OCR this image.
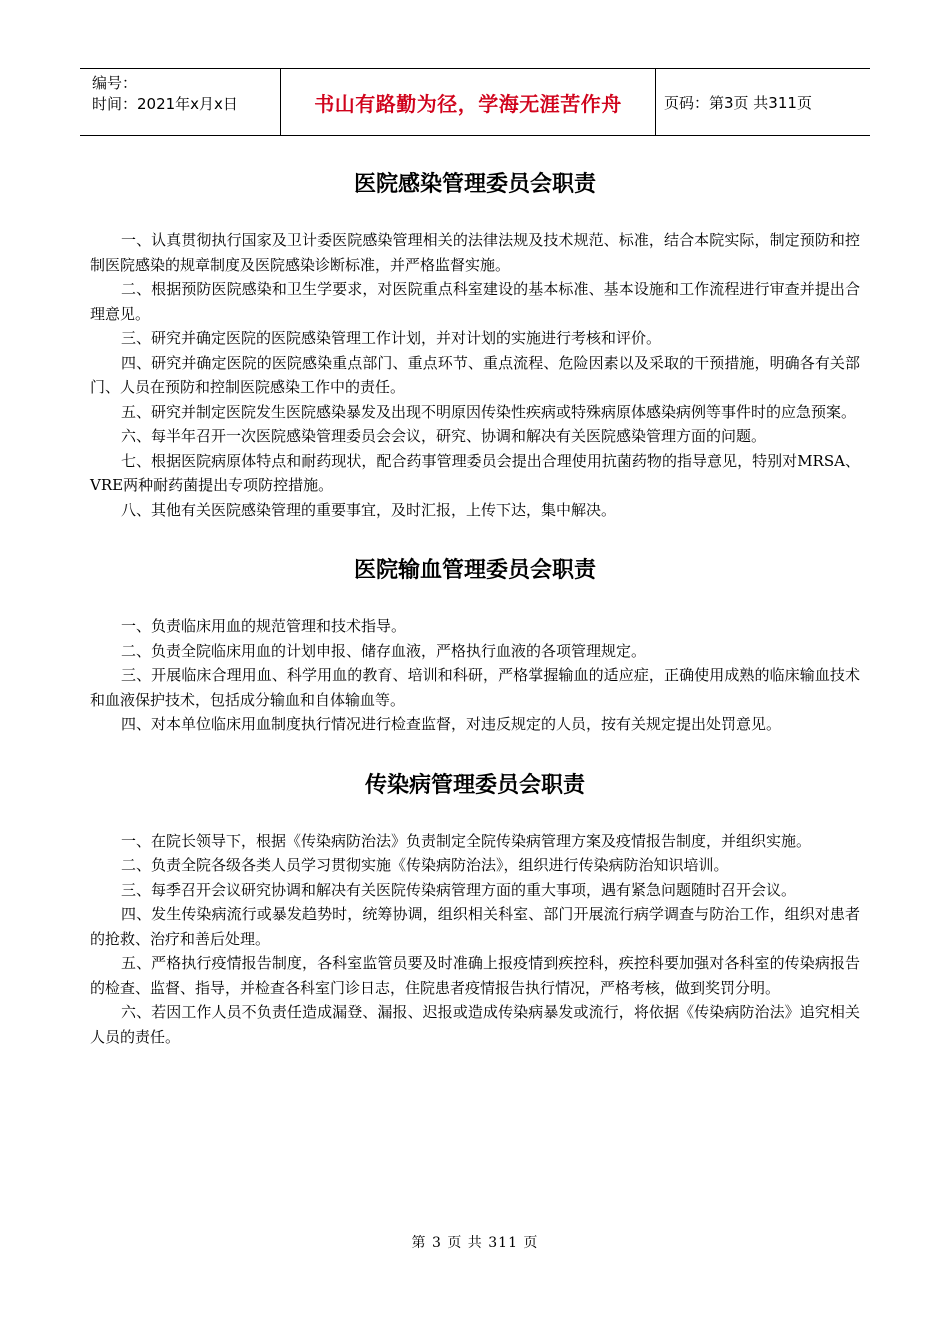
编号：
时间：2021年x月x日	书山有路勤为径，学海无涯苦作舟	页码：第3页 共311页
医院感染管理委员会职责

一、认真贯彻执行国家及卫计委医院感染管理相关的法律法规及技术规范、标准，结合本院实际，制定预防和控制医院感染的规章制度及医院感染诊断标准，并严格监督实施。

二、根据预防医院感染和卫生学要求，对医院重点科室建设的基本标准、基本设施和工作流程进行审查并提出合理意见。

三、研究并确定医院的医院感染管理工作计划，并对计划的实施进行考核和评价。

四、研究并确定医院的医院感染重点部门、重点环节、重点流程、危险因素以及采取的干预措施，明确各有关部门、人员在预防和控制医院感染工作中的责任。

五、研究并制定医院发生医院感染暴发及出现不明原因传染性疾病或特殊病原体感染病例等事件时的应急预案。

六、每半年召开一次医院感染管理委员会会议，研究、协调和解决有关医院感染管理方面的问题。

七、根据医院病原体特点和耐药现状，配合药事管理委员会提出合理使用抗菌药物的指导意见，特别对MRSA、VRE两种耐药菌提出专项防控措施。

八、其他有关医院感染管理的重要事宜，及时汇报，上传下达，集中解决。

医院输血管理委员会职责

一、负责临床用血的规范管理和技术指导。

二、负责全院临床用血的计划申报、储存血液，严格执行血液的各项管理规定。

三、开展临床合理用血、科学用血的教育、培训和科研，严格掌握输血的适应症，正确使用成熟的临床输血技术和血液保护技术，包括成分输血和自体输血等。

四、对本单位临床用血制度执行情况进行检查监督，对违反规定的人员，按有关规定提出处罚意见。

传染病管理委员会职责

一、在院长领导下，根据《传染病防治法》负责制定全院传染病管理方案及疫情报告制度，并组织实施。

二、负责全院各级各类人员学习贯彻实施《传染病防治法》，组织进行传染病防治知识培训。

三、每季召开会议研究协调和解决有关医院传染病管理方面的重大事项，遇有紧急问题随时召开会议。

四、发生传染病流行或暴发趋势时，统筹协调，组织相关科室、部门开展流行病学调查与防治工作，组织对患者的抢救、治疗和善后处理。

五、严格执行疫情报告制度，各科室监管员要及时准确上报疫情到疾控科，疾控科要加强对各科室的传染病报告的检查、监督、指导，并检查各科室门诊日志，住院患者疫情报告执行情况，严格考核，做到奖罚分明。

六、若因工作人员不负责任造成漏登、漏报、迟报或造成传染病暴发或流行，将依据《传染病防治法》追究相关人员的责任。

第 3 页 共 311 页
